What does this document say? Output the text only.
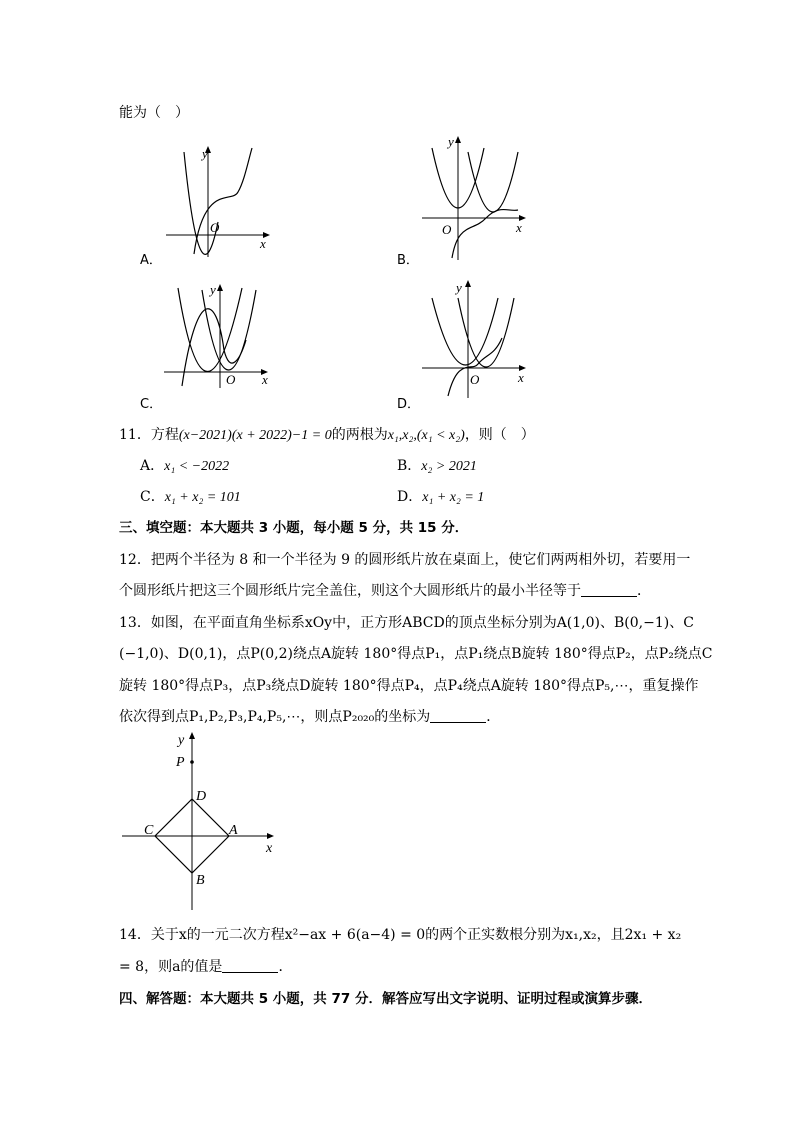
能为（　）
y
x
O
A．
y
x
O
B．
y
x
O
C．
y
x
O
D．
11．方程(x−2021)(x + 2022)−1 = 0的两根为x₁,x₂,(x₁ < x₂)，则（　）
A．x₁ < −2022	B．x₂ > 2021
C．x₁ + x₂ = 101	D．x₁ + x₂ = 1
三、填空题：本大题共 3 小题，每小题 5 分，共 15 分．
12．把两个半径为 8 和一个半径为 9 的圆形纸片放在桌面上，使它们两两相外切，若要用一
个圆形纸片把这三个圆形纸片完全盖住，则这个大圆形纸片的最小半径等于	．
13．如图，在平面直角坐标系xOy中，正方形ABCD的顶点坐标分别为A(1,0)、B(0,−1)、C
(−1,0)、D(0,1)，点P(0,2)绕点A旋转 180°得点P₁，点P₁绕点B旋转 180°得点P₂，点P₂绕点C
旋转 180°得点P₃，点P₃绕点D旋转 180°得点P₄，点P₄绕点A旋转 180°得点P₅,⋯，重复操作
依次得到点P₁,P₂,P₃,P₄,P₅,⋯，则点P₂₀₂₀的坐标为	．
y
x
P
A
B
C
D
14．关于x的一元二次方程x²−ax + 6(a−4) = 0的两个正实数根分别为x₁,x₂，且2x₁ + x₂
= 8，则a的值是	．
四、解答题：本大题共 5 小题，共 77 分．解答应写出文字说明、证明过程或演算步骤．
